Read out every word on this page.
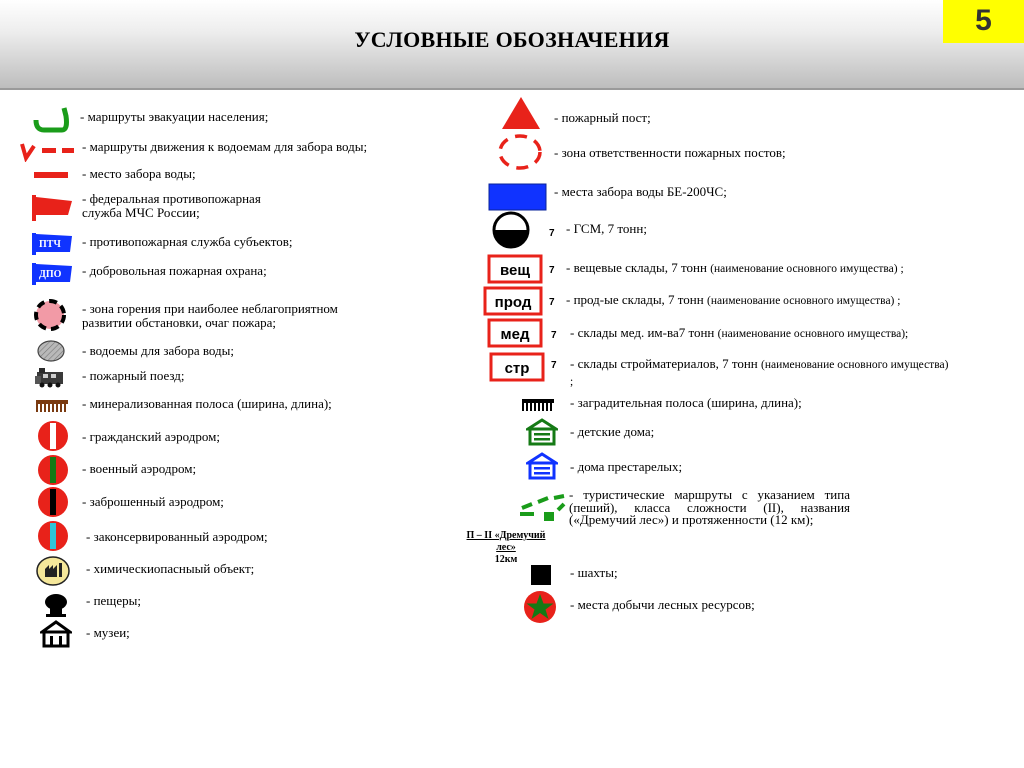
УСЛОВНЫЕ ОБОЗНАЧЕНИЯ
5
- маршруты эвакуации населения;
- маршруты движения к водоемам для забора воды;
- место забора воды;
- федеральная противопожарная служба МЧС России;
ПТЧ - противопожарная служба субъектов;
ДПО - добровольная пожарная охрана;
- зона горения при наиболее неблагоприятном развитии обстановки, очаг пожара;
- водоемы для забора воды;
- пожарный поезд;
- минерализованная полоса (ширина, длина);
- гражданский аэродром;
- военный аэродром;
- заброшенный аэродром;
- законсервированный аэродром;
- химическиопасныый объект;
- пещеры;
- музеи;
- пожарный пост;
- зона ответственности пожарных постов;
- места забора воды БЕ-200ЧС;
7 - ГСМ, 7 тонн;
вещ 7 - вещевые склады, 7 тонн (наименование основного имущества) ;
прод 7 - прод-ые склады, 7 тонн (наименование основного имущества) ;
мед 7 - склады мед. им-ва7 тонн (наименование основного имущества);
стр 7 - склады стройматериалов, 7 тонн (наименование основного имущества) ;
- заградительная полоса (ширина, длина);
- детские дома;
- дома престарелых;
- туристические маршруты с указанием типа (пеший), класса сложности (II), названия («Дремучий лес») и протяженности (12 км);
П – II «Дремучий
лес»
12км
- шахты;
- места добычи лесных ресурсов;
